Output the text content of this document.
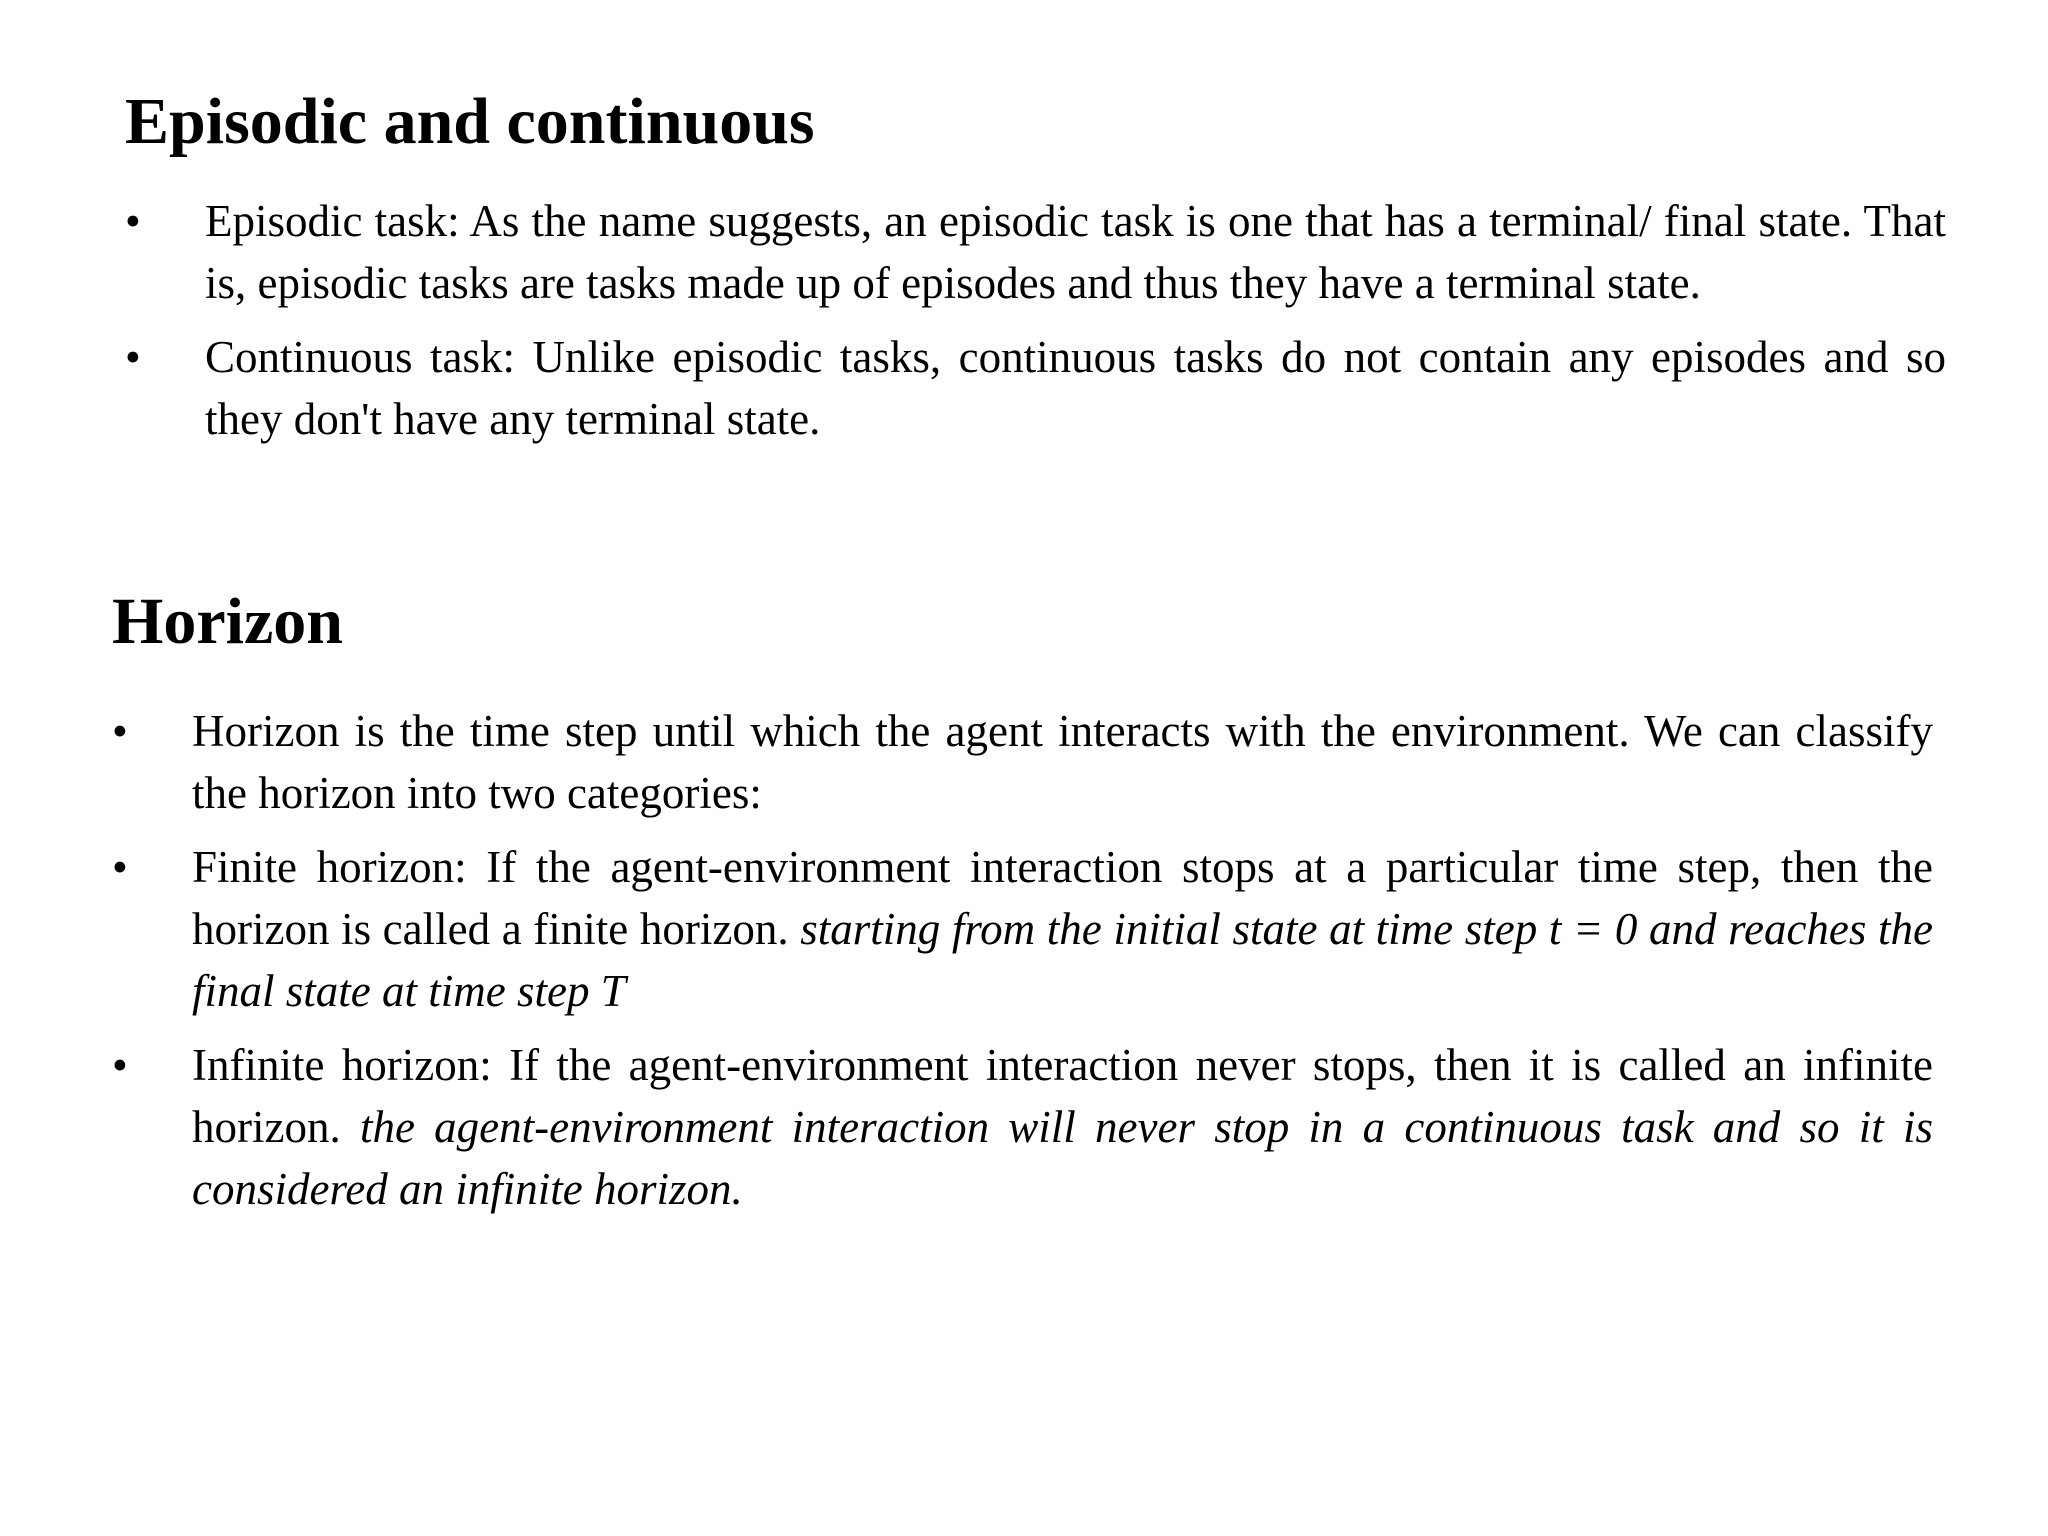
Episodic and continuous
•	Episodic task: As the name suggests, an episodic task is one that has a terminal/ final state. That is, episodic tasks are tasks made up of episodes and thus they have a terminal state.
•	Continuous task: Unlike episodic tasks, continuous tasks do not contain any episodes and so they don't have any terminal state.
Horizon
•	Horizon is the time step until which the agent interacts with the environment. We can classify the horizon into two categories:
•	Finite horizon: If the agent-environment interaction stops at a particular time step, then the horizon is called a finite horizon. starting from the initial state at time step t = 0 and reaches the final state at time step T
•	Infinite horizon: If the agent-environment interaction never stops, then it is called an infinite horizon. the agent-environment interaction will never stop in a continuous task and so it is considered an infinite horizon.
